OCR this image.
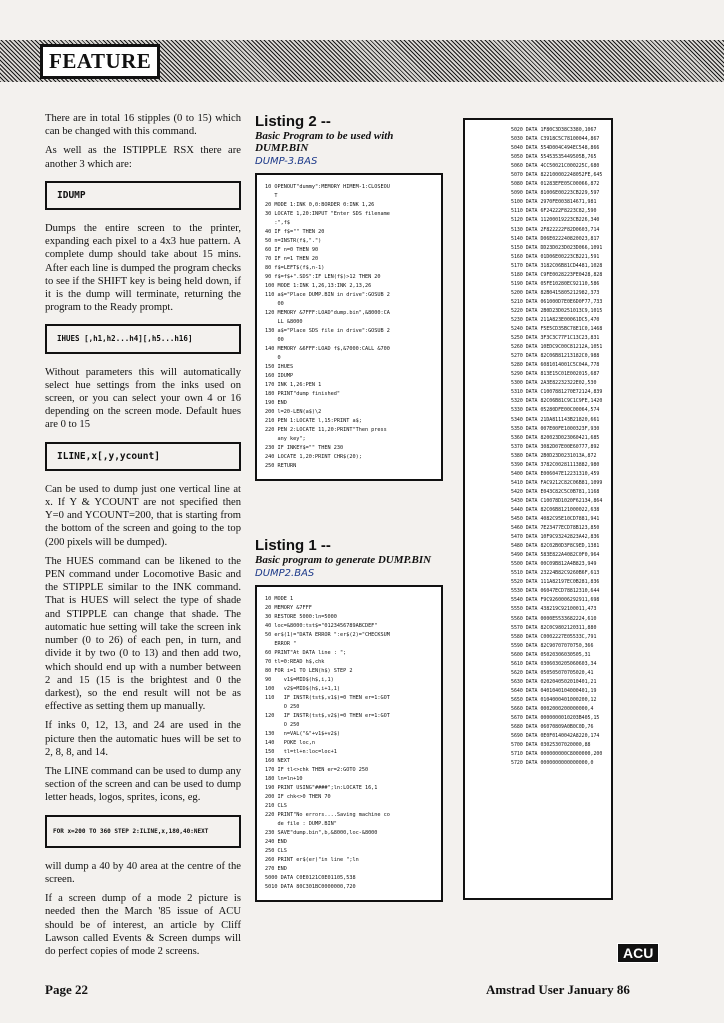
FEATURE

There are in total 16 stipples (0 to 15) which can be changed with this command.

As well as the ISTIPPLE RSX there are another 3 which are:

IDUMP

Dumps the entire screen to the printer, expanding each pixel to a 4x3 hue pattern. A complete dump should take about 15 mins. After each line is dumped the program checks to see if the SHIFT key is being held down, if it is the dump will terminate, returning the program to the Ready prompt.

IHUES [,h1,h2...h4][,h5...h16]

Without parameters this will automatically select hue settings from the inks used on screen, or you can select your own 4 or 16 depending on the screen mode. Default hues are 0 to 15

ILINE,x[,y,ycount]

Can be used to dump just one vertical line at x. If Y & YCOUNT are not specified then Y=0 and YCOUNT=200, that is starting from the bottom of the screen and going to the top (200 pixels will be dumped).

The HUES command can be likened to the PEN command under Locomotive Basic and the STIPPLE similar to the INK command. That is HUES will select the type of shade and STIPPLE can change that shade. The automatic hue setting will take the screen ink number (0 to 26) of each pen, in turn, and divide it by two (0 to 13) and then add two, which should end up with a number between 2 and 15 (15 is the brightest and 0 the darkest), so the end result will not be as effective as setting them up manually.

If inks 0, 12, 13, and 24 are used in the picture then the automatic hues will be set to 2, 8, 8, and 14.

The LINE command can be used to dump any section of the screen and can be used to dump letter heads, logos, sprites, icons, eg.

FOR x=200 TO 360 STEP 2:ILINE,x,180,40:NEXT

will dump a 40 by 40 area at the centre of the screen.

If a screen dump of a mode 2 picture is needed then the March '85 issue of ACU should be of interest, an article by Cliff Lawson called Events & Screen dumps will do perfect copies of mode 2 screens.

Listing 2 --
Basic Program to be used with DUMP.BIN
DUMP-3.BAS
10 OPENOUT"dummy":MEMORY HIMEM-1:CLOSEOU
T
20 MODE 1:INK 0,0:BORDER 0:INK 1,26
30 LOCATE 1,20:INPUT "Enter SDS filename
:",f$
40 IF f$="" THEN 20
50 n=INSTR(f$,".")
60 IF n=0 THEN 90
70 IF n=1 THEN 20
80 f$=LEFT$(f$,n-1)
90 f$=f$+".SDS":IF LEN(f$)>12 THEN 20
100 MODE 1:INK 1,26,13:INK 2,13,26
110 a$="Place DUMP.BIN in drive":GOSUB 2
00
120 MEMORY &7FFF:LOAD"dump.bin",&8000:CA
LL &8000
130 a$="Place SDS file in drive":GOSUB 2
00
140 MEMORY &6FFF:LOAD f$,&7000:CALL &700
0
150 IHUES
160 IDUMP
170 INK 1,26:PEN 1
180 PRINT"dump finished"
190 END
200 l=20-LEN(a$)\2
210 PEN 1:LOCATE l,15:PRINT a$;
220 PEN 2:LOCATE 11,20:PRINT"Then press
any key";
230 IF INKEY$="" THEN 230
240 LOCATE 1,20:PRINT CHR$(20);
250 RETURN
Listing 1 --
Basic program to generate DUMP.BIN
DUMP2.BAS
10 MODE 1
20 MEMORY &7FFF
30 RESTORE 5000:ln=5000
40 loc=&8000:tst$="0123456789ABCDEF"
50 er$(1)="DATA ERROR ":er$(2)="CHECKSUM
ERROR "
60 PRINT"At DATA line : ";
70 tl=0:READ h$,chk
80 FOR i=1 TO LEN(h$) STEP 2
90    v1$=MID$(h$,i,1)
100   v2$=MID$(h$,i+1,1)
110   IF INSTR(tst$,v1$)=0 THEN er=1:GOT
O 250
120   IF INSTR(tst$,v2$)=0 THEN er=1:GOT
O 250
130   n=VAL("&"+v1$+v2$)
140   POKE loc,n
150   tl=tl+n:loc=loc+1
160 NEXT
170 IF tl<>chk THEN er=2:GOTO 250
180 ln=ln+10
190 PRINT USING"####";ln:LOCATE 16,1
200 IF chk<>0 THEN 70
210 CLS
220 PRINT"No errors....Saving machine co
de file : DUMP.BIN"
230 SAVE"dump.bin",b,&8000,loc-&8000
240 END
250 CLS
260 PRINT er$(er)"in line ";ln
270 END
5000 DATA C0E0121C0E01105,538
5010 DATA 80C301BC0000000,720
5020 DATA 1F80C3D38C3380,1067
5030 DATA C3918C5C78100044,867
5040 DATA 554D004C494EC548,866
5050 DATA 55453535449505B,765
5060 DATA 4CC50021C000225C,680
5070 DATA 822100002248052FE,645
5080 DATA 01283EFE05C00066,872
5090 DATA 81006E00223CB229,597
5100 DATA 2970FE003814671,981
5110 DATA 6F24222F8223C82,590
5120 DATA 11200019223CB226,340
5130 DATA 2F822222F82D0603,714
5140 DATA D06E022240820023,817
5150 DATA DD23D023D023D066,1091
5160 DATA 01D06E00223CB221,591
5170 DATA 3182C06B81CD4481,1028
5180 DATA C9FE0028223FE0428,828
5190 DATA 05FE10280EC92110,586
5200 DATA 82B0415805212982,373
5210 DATA 061000D7E0E6D0F77,733
5220 DATA 2B0D23D0251013C9,1015
5230 DATA 211A823E00061DC5,470
5240 DATA F5E5CD35BC78E1C0,1468
5250 DATA 3F3C3C77F1C13C23,831
5260 DATA 10EDC9C00C81212A,1051
5270 DATA 82C06B81213182C0,988
5280 DATA 6081014001C5C04A,778
5290 DATA 813E15C01E002015,687
5300 DATA 2A3E82232322E02,530
5310 DATA C1007881270E72124,839
5320 DATA 82C06B81C9C1C9FE,1420
5330 DATA 05280DFE00C00064,574
5340 DATA 21DA811143B21820,661
5350 DATA 007E00FE1000323F,930
5360 DATA 820023D023060421,685
5370 DATA 3082D07E00E60777,892
5380 DATA 2B0D23D0231013A,872
5390 DATA 3782C00281113882,980
5400 DATA E006047E12231310,459
5410 DATA FAC9212C82C06B81,1099
5420 DATA E043C82C5C0B781,1168
5430 DATA C10078D1020F62134,864
5440 DATA 82C06B8121000022,638
5450 DATA 4082C95E10CD7881,941
5460 DATA 7E23477ECD78B123,850
5470 DATA 10F9C93242823A42,836
5480 DATA 82C02B0D3F8C9ED,1381
5490 DATA 583E822A4082C0F0,964
5500 DATA 00C09B812A4B823,949
5510 DATA 23224B82C9260B6F,613
5520 DATA 111A82197EC0B281,836
5530 DATA 06047ECD78812310,644
5540 DATA F9C9260006292911,698
5550 DATA 438219C92100011,473
5560 DATA 0000E5533682224,610
5570 DATA 82C0C9802120311,880
5580 DATA C0002227E05533C,791
5590 DATA 82C90707070750,366
5600 DATA 05020306030505,31
5610 DATA 0306030205060603,34
5620 DATA 050505070705020,41
5630 DATA 0202040502010401,21
5640 DATA 0401040104000401,19
5650 DATA 0104000401000200,12
5660 DATA 0002000200000000,4
5670 DATA 0000000010203B405,15
5680 DATA 06070809A0B0C0D,76
5690 DATA 0E0F0140042A8220,174
5700 DATA 03025307020000,88
5710 DATA 000000000C8000000,200
5720 DATA 0000000000000000,0
ACU
Page 22	Amstrad User January 86
